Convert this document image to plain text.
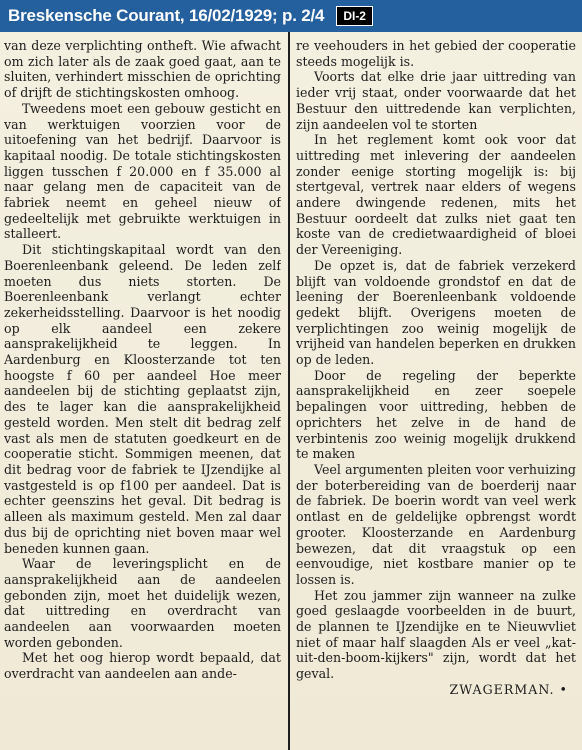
Breskensche Courant, 16/02/1929; p. 2/4	DI-2

van deze verplichting ontheft. Wie afwacht om zich later als de zaak goed gaat, aan te sluiten, verhindert misschien de oprichting of drijft de stichtingskosten omhoog.

Tweedens moet een gebouw gesticht en van werktuigen voorzien voor de uitoefening van het bedrijf. Daarvoor is kapitaal noodig. De totale stichtingskosten liggen tusschen f 20.000 en f 35.000 al naar gelang men de capaciteit van de fabriek neemt en geheel nieuw of gedeeltelijk met gebruikte werktuigen in stalleert.

Dit stichtingskapitaal wordt van den Boerenleenbank geleend. De leden zelf moeten dus niets storten. De Boerenleenbank verlangt echter zekerheidsstelling. Daarvoor is het noodig op elk aandeel een zekere aansprakelijkheid te leggen. In Aardenburg en Kloosterzande tot ten hoogste f 60 per aandeel Hoe meer aandeelen bij de stichting geplaatst zijn, des te lager kan die aansprakelijkheid gesteld worden. Men stelt dit bedrag zelf vast als men de statuten goedkeurt en de cooperatie sticht. Sommigen meenen, dat dit bedrag voor de fabriek te IJzendijke al vastgesteld is op f100 per aandeel. Dat is echter geenszins het geval. Dit bedrag is alleen als maximum gesteld. Men zal daar dus bij de oprichting niet boven maar wel beneden kunnen gaan.

Waar de leveringsplicht en de aansprakelijkheid aan de aandeelen gebonden zijn, moet het duidelijk wezen, dat uittreding en overdracht van aandeelen aan voorwaarden moeten worden gebonden.

Met het oog hierop wordt bepaald, dat overdracht van aandeelen aan ande-

re veehouders in het gebied der cooperatie steeds mogelijk is.

Voorts dat elke drie jaar uittreding van ieder vrij staat, onder voorwaarde dat het Bestuur den uittredende kan verplichten, zijn aandeelen vol te storten

In het reglement komt ook voor dat uittreding met inlevering der aandeelen zonder eenige storting mogelijk is: bij stertgeval, vertrek naar elders of wegens andere dwingende redenen, mits het Bestuur oordeelt dat zulks niet gaat ten koste van de credietwaardigheid of bloei der Vereeniging.

De opzet is, dat de fabriek verzekerd blijft van voldoende grondstof en dat de leening der Boerenleenbank voldoende gedekt blijft. Overigens moeten de verplichtingen zoo weinig mogelijk de vrijheid van handelen beperken en drukken op de leden.

Door de regeling der beperkte aansprakelijkheid en zeer soepele bepalingen voor uittreding, hebben de oprichters het zelve in de hand de verbintenis zoo weinig mogelijk drukkend te maken

Veel argumenten pleiten voor verhuizing der boterbereiding van de boerderij naar de fabriek. De boerin wordt van veel werk ontlast en de geldelijke opbrengst wordt grooter. Kloosterzande en Aardenburg bewezen, dat dit vraagstuk op een eenvoudige, niet kostbare manier op te lossen is.

Het zou jammer zijn wanneer na zulke goed geslaagde voorbeelden in de buurt, de plannen te IJzendijke en te Nieuwvliet niet of maar half slaagden Als er veel „kat-uit-den-boom-kijkers" zijn, wordt dat het geval.

ZWAGERMAN. •
